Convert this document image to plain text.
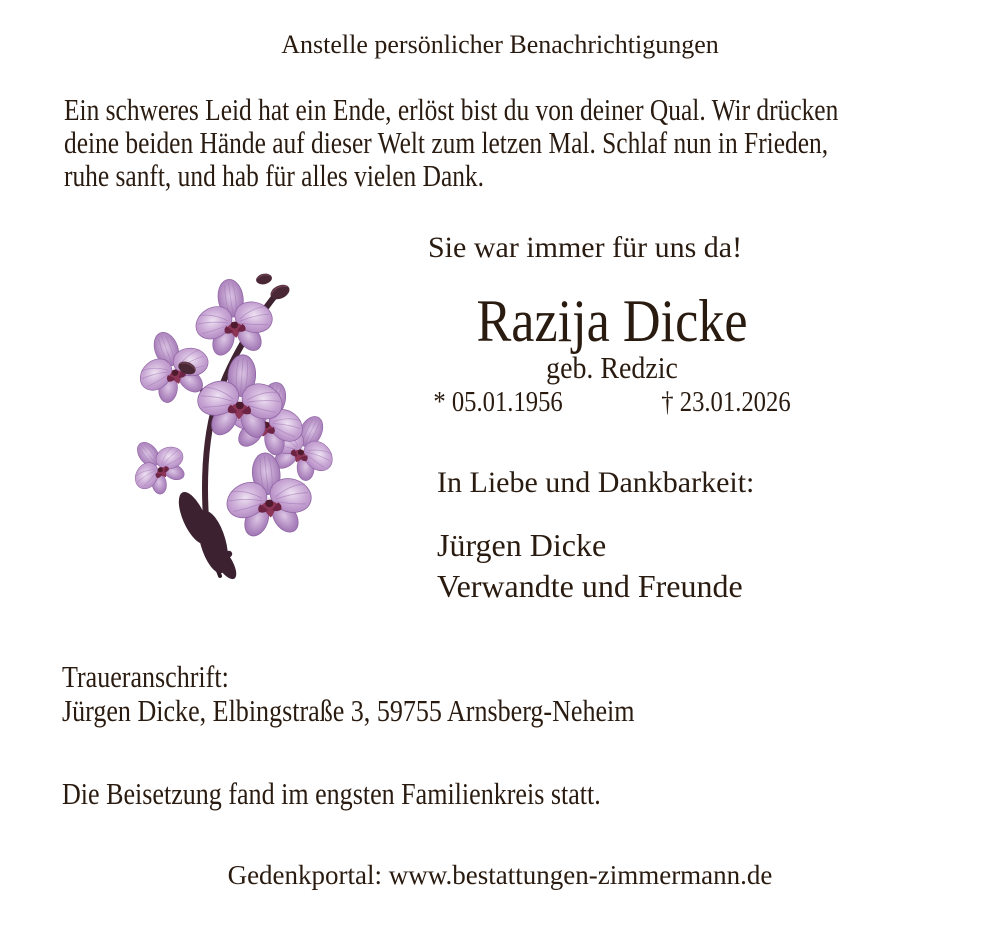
Anstelle persönlicher Benachrichtigungen
Ein schweres Leid hat ein Ende, erlöst bist du von deiner Qual. Wir drücken
deine beiden Hände auf dieser Welt zum letzen Mal. Schlaf nun in Frieden,
ruhe sanft, und hab für alles vielen Dank.
Sie war immer für uns da!
Razija Dicke
geb. Redzic
* 05.01.1956	† 23.01.2026
In Liebe und Dankbarkeit:
Jürgen Dicke
Verwandte und Freunde
Traueranschrift:
Jürgen Dicke, Elbingstraße 3, 59755 Arnsberg-Neheim
Die Beisetzung fand im engsten Familienkreis statt.
Gedenkportal: www.bestattungen-zimmermann.de
